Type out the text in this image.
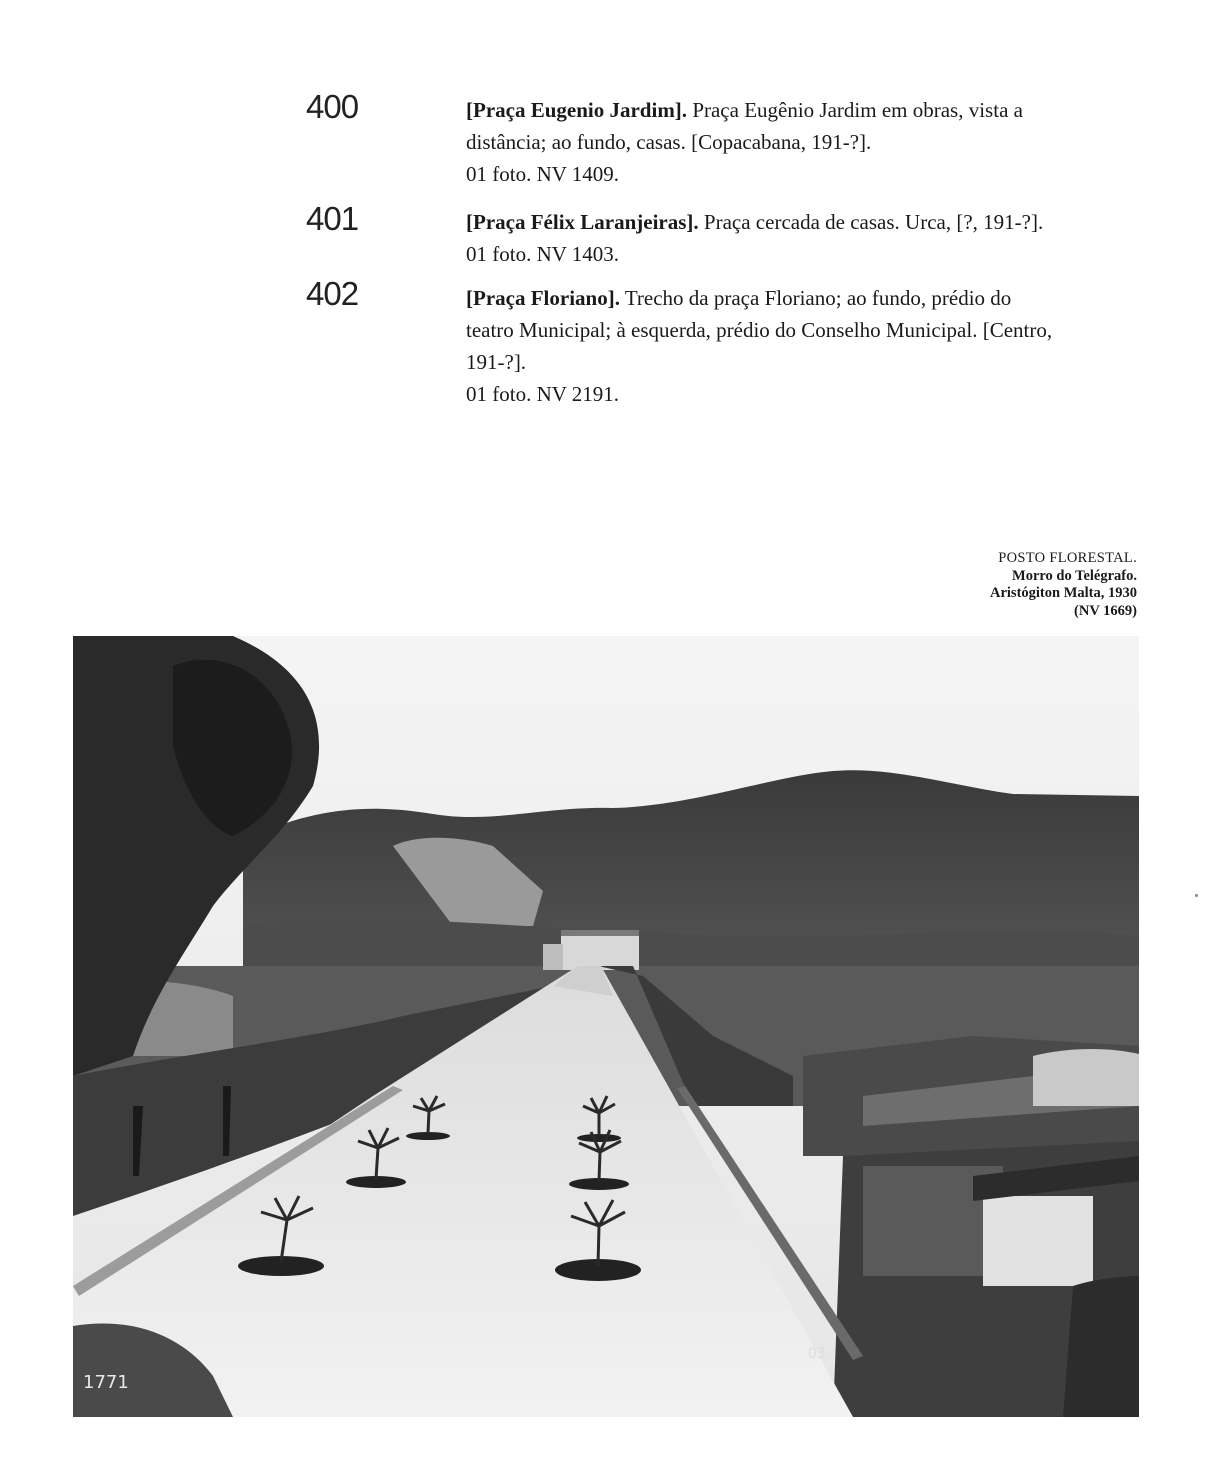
400	[Praça Eugenio Jardim]. Praça Eugênio Jardim em obras, vista a
distância; ao fundo, casas. [Copacabana, 191-?].
01 foto. NV 1409.
401	[Praça Félix Laranjeiras]. Praça cercada de casas. Urca, [?, 191-?].
01 foto. NV 1403.
402	[Praça Floriano]. Trecho da praça Floriano; ao fundo, prédio do
teatro Municipal; à esquerda, prédio do Conselho Municipal. [Centro,
191-?].
01 foto. NV 2191.
POSTO FLORESTAL.
Morro do Telégrafo.
Aristógiton Malta, 1930
(NV 1669)
1771
03
